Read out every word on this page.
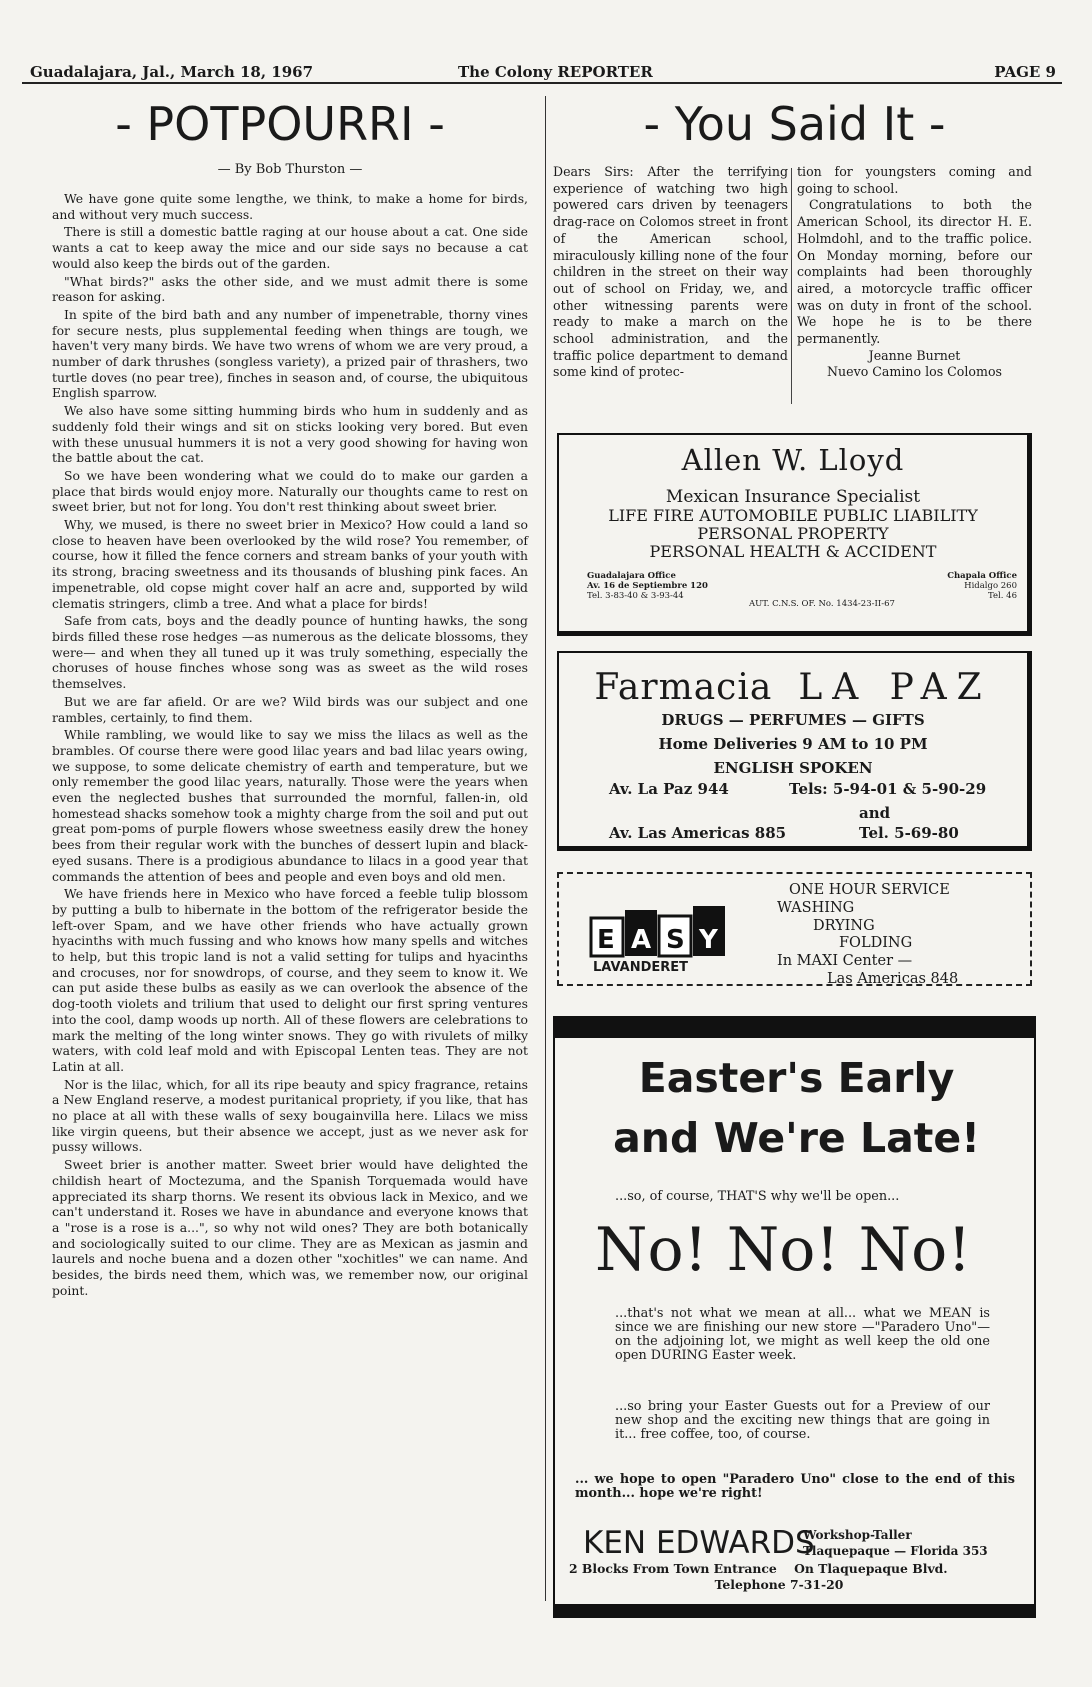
Guadalajara, Jal., March 18, 1967	The Colony REPORTER	PAGE 9
- POTPOURRI -
— By Bob Thurston —

We have gone quite some lengthe, we think, to make a home for birds, and without very much success.

There is still a domestic battle raging at our house about a cat. One side wants a cat to keep away the mice and our side says no because a cat would also keep the birds out of the garden.

"What birds?" asks the other side, and we must admit there is some reason for asking.

In spite of the bird bath and any number of impenetrable, thorny vines for secure nests, plus supplemental feeding when things are tough, we haven't very many birds. We have two wrens of whom we are very proud, a number of dark thrushes (songless variety), a prized pair of thrashers, two turtle doves (no pear tree), finches in season and, of course, the ubiquitous English sparrow.

We also have some sitting humming birds who hum in suddenly and as suddenly fold their wings and sit on sticks looking very bored. But even with these unusual hummers it is not a very good showing for having won the battle about the cat.

So we have been wondering what we could do to make our garden a place that birds would enjoy more. Naturally our thoughts came to rest on sweet brier, but not for long. You don't rest thinking about sweet brier.

Why, we mused, is there no sweet brier in Mexico? How could a land so close to heaven have been overlooked by the wild rose? You remember, of course, how it filled the fence corners and stream banks of your youth with its strong, bracing sweetness and its thousands of blushing pink faces. An impenetrable, old copse might cover half an acre and, supported by wild clematis stringers, climb a tree. And what a place for birds!

Safe from cats, boys and the deadly pounce of hunting hawks, the song birds filled these rose hedges —as numerous as the delicate blossoms, they were— and when they all tuned up it was truly something, especially the choruses of house finches whose song was as sweet as the wild roses themselves.

But we are far afield. Or are we? Wild birds was our subject and one rambles, certainly, to find them.

While rambling, we would like to say we miss the lilacs as well as the brambles. Of course there were good lilac years and bad lilac years owing, we suppose, to some delicate chemistry of earth and temperature, but we only remember the good lilac years, naturally. Those were the years when even the neglected bushes that surrounded the mornful, fallen-in, old homestead shacks somehow took a mighty charge from the soil and put out great pom-poms of purple flowers whose sweetness easily drew the honey bees from their regular work with the bunches of dessert lupin and black-eyed susans. There is a prodigious abundance to lilacs in a good year that commands the attention of bees and people and even boys and old men.

We have friends here in Mexico who have forced a feeble tulip blossom by putting a bulb to hibernate in the bottom of the refrigerator beside the left-over Spam, and we have other friends who have actually grown hyacinths with much fussing and who knows how many spells and witches to help, but this tropic land is not a valid setting for tulips and hyacinths and crocuses, nor for snowdrops, of course, and they seem to know it. We can put aside these bulbs as easily as we can overlook the absence of the dog-tooth violets and trilium that used to delight our first spring ventures into the cool, damp woods up north. All of these flowers are celebrations to mark the melting of the long winter snows. They go with rivulets of milky waters, with cold leaf mold and with Episcopal Lenten teas. They are not Latin at all.

Nor is the lilac, which, for all its ripe beauty and spicy fragrance, retains a New England reserve, a modest puritanical propriety, if you like, that has no place at all with these walls of sexy bougainvilla here. Lilacs we miss like virgin queens, but their absence we accept, just as we never ask for pussy willows.

Sweet brier is another matter. Sweet brier would have delighted the childish heart of Moctezuma, and the Spanish Torquemada would have appreciated its sharp thorns. We resent its obvious lack in Mexico, and we can't understand it. Roses we have in abundance and everyone knows that a "rose is a rose is a...", so why not wild ones? They are both botanically and sociologically suited to our clime. They are as Mexican as jasmin and laurels and noche buena and a dozen other "xochitles" we can name. And besides, the birds need them, which was, we remember now, our original point.

- You Said It -

Dears Sirs: After the terrifying experience of watching two high powered cars driven by teenagers drag-race on Colomos street in front of the American school, miraculously killing none of the four children in the street on their way out of school on Friday, we, and other witnessing parents were ready to make a march on the school administration, and the traffic police department to demand some kind of protec-

tion for youngsters coming and going to school.

Congratulations to both the American School, its director H. E. Holmdohl, and to the traffic police. On Monday morning, before our complaints had been thoroughly aired, a motorcycle traffic officer was on duty in front of the school. We hope he is to be there permanently.

Jeanne Burnet

Nuevo Camino los Colomos

Allen W. Lloyd
Mexican Insurance Specialist
LIFE FIRE AUTOMOBILE PUBLIC LIABILITY
PERSONAL PROPERTY
PERSONAL HEALTH & ACCIDENT
Guadalajara Office
Av. 16 de Septiembre 120
Tel. 3-83-40 & 3-93-44
Chapala Office
Hidalgo 260
Tel. 46
AUT. C.N.S. OF. No. 1434-23-II-67
Farmacia LA PAZ
DRUGS — PERFUMES — GIFTS
Home Deliveries 9 AM to 10 PM
ENGLISH SPOKEN
Av. La Paz 944	Tels: 5-94-01 & 5-90-29
and
Av. Las Americas 885	Tel. 5-69-80
E A S Y
LAVANDERET
ONE HOUR SERVICE
WASHING
DRYING
FOLDING
In MAXI Center —
Las Americas 848
Easter's Early
and We're Late!
...so, of course, THAT'S why we'll be open...
No! No! No!
...that's not what we mean at all... what we MEAN is since we are finishing our new store —"Paradero Uno"— on the adjoining lot, we might as well keep the old one open DURING Easter week.
...so bring your Easter Guests out for a Preview of our new shop and the exciting new things that are going in it... free coffee, too, of course.
... we hope to open "Paradero Uno" close to the end of this month... hope we're right!
KEN EDWARDS
Workshop-Taller
Tlaquepaque — Florida 353
2 Blocks From Town Entrance    On Tlaquepaque Blvd.
Telephone 7-31-20
